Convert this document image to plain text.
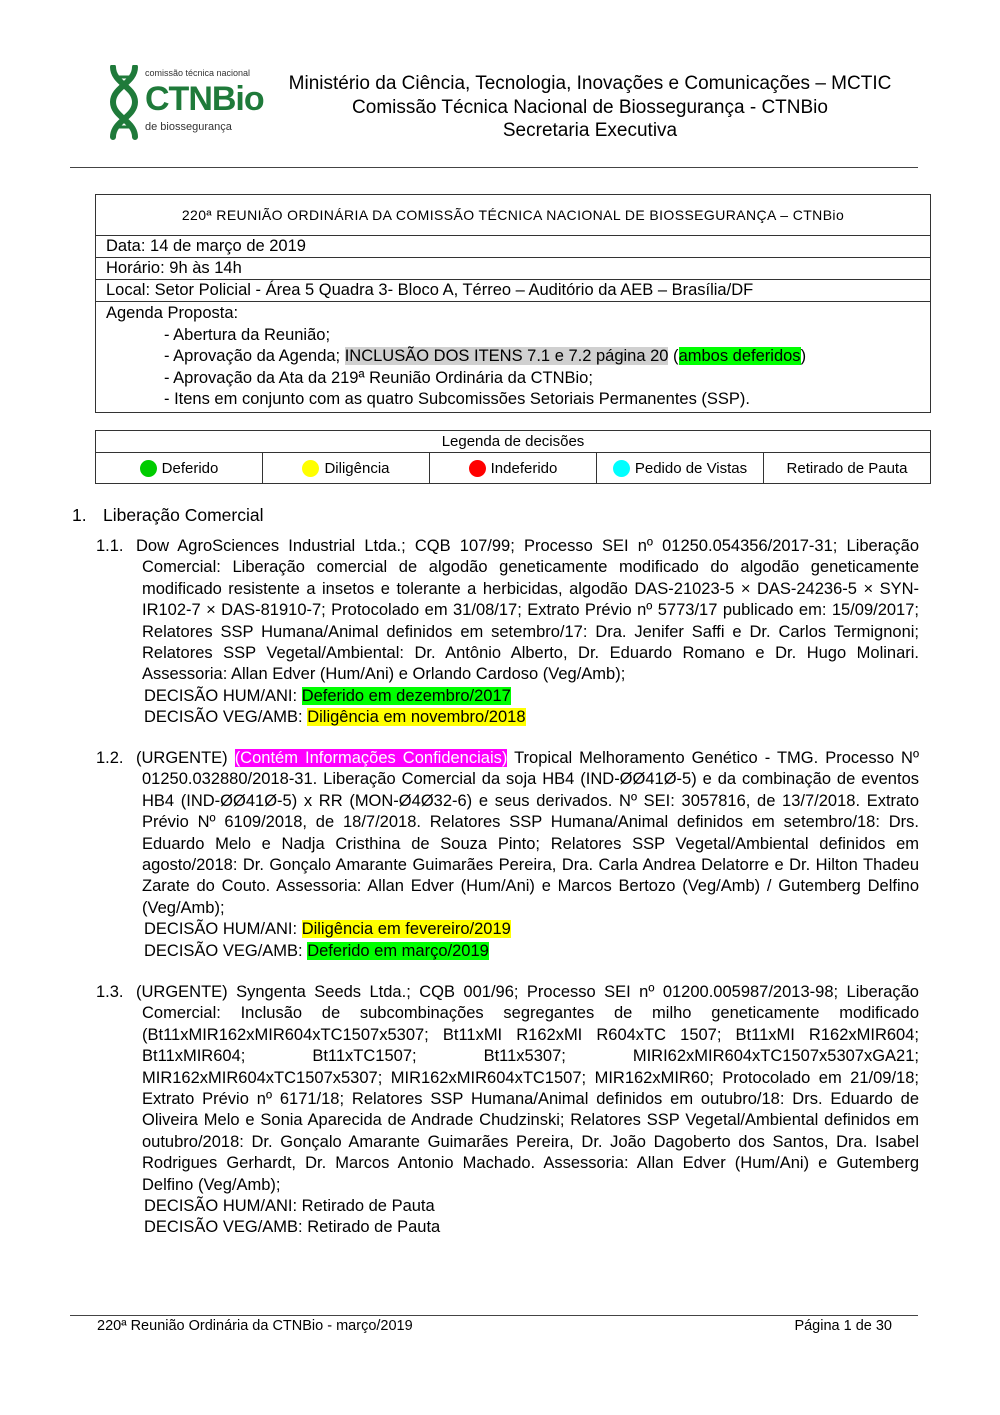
comissão técnica nacional
CTNBio
de biossegurança
Ministério da Ciência, Tecnologia, Inovações e Comunicações – MCTIC
Comissão Técnica Nacional de Biossegurança - CTNBio
Secretaria Executiva
220ª REUNIÃO ORDINÁRIA DA COMISSÃO TÉCNICA NACIONAL DE BIOSSEGURANÇA – CTNBio
Data: 14 de março de 2019
Horário: 9h às 14h
Local: Setor Policial - Área 5 Quadra 3- Bloco A, Térreo – Auditório da AEB – Brasília/DF
Agenda Proposta:
- Abertura da Reunião;
- Aprovação da Agenda; INCLUSÃO DOS ITENS 7.1 e 7.2 página 20 (ambos deferidos)
- Aprovação da Ata da 219ª Reunião Ordinária da CTNBio;
- Itens em conjunto com as quatro Subcomissões Setoriais Permanentes (SSP).
Legenda de decisões
Deferido	Diligência	Indeferido	Pedido de Vistas	Retirado de Pauta
1. Liberação Comercial
1.1. Dow AgroSciences Industrial Ltda.; CQB 107/99; Processo SEI nº 01250.054356/2017-31; Liberação Comercial: Liberação comercial de algodão geneticamente modificado do algodão geneticamente modificado resistente a insetos e tolerante a herbicidas, algodão DAS-21023-5 × DAS-24236-5 × SYN-IR102-7 × DAS-81910-7; Protocolado em 31/08/17; Extrato Prévio nº 5773/17 publicado em: 15/09/2017; Relatores SSP Humana/Animal definidos em setembro/17: Dra. Jenifer Saffi e Dr. Carlos Termignoni; Relatores SSP Vegetal/Ambiental: Dr. Antônio Alberto, Dr. Eduardo Romano e Dr. Hugo Molinari. Assessoria: Allan Edver (Hum/Ani) e Orlando Cardoso (Veg/Amb);
DECISÃO HUM/ANI: Deferido em dezembro/2017
DECISÃO VEG/AMB: Diligência em novembro/2018
1.2. (URGENTE) (Contém Informações Confidenciais) Tropical Melhoramento Genético - TMG. Processo Nº 01250.032880/2018-31. Liberação Comercial da soja HB4 (IND-ØØ41Ø-5) e da combinação de eventos HB4 (IND-ØØ41Ø-5) x RR (MON-Ø4Ø32-6) e seus derivados. Nº SEI: 3057816, de 13/7/2018. Extrato Prévio Nº 6109/2018, de 18/7/2018. Relatores SSP Humana/Animal definidos em setembro/18: Drs. Eduardo Melo e Nadja Cristhina de Souza Pinto; Relatores SSP Vegetal/Ambiental definidos em agosto/2018: Dr. Gonçalo Amarante Guimarães Pereira, Dra. Carla Andrea Delatorre e Dr. Hilton Thadeu Zarate do Couto. Assessoria: Allan Edver (Hum/Ani) e Marcos Bertozo (Veg/Amb) / Gutemberg Delfino (Veg/Amb);
DECISÃO HUM/ANI: Diligência em fevereiro/2019
DECISÃO VEG/AMB: Deferido em março/2019
1.3. (URGENTE) Syngenta Seeds Ltda.; CQB 001/96; Processo SEI nº 01200.005987/2013-98; Liberação Comercial: Inclusão de subcombinações segregantes de milho geneticamente modificado (Bt11xMIR162xMIR604xTC1507x5307; Bt11xMI R162xMI R604xTC 1507; Bt11xMI R162xMIR604; Bt11xMIR604; Bt11xTC1507; Bt11x5307; MIRI62xMIR604xTC1507x5307xGA21; MIR162xMIR604xTC1507x5307; MIR162xMIR604xTC1507; MIR162xMIR60; Protocolado em 21/09/18; Extrato Prévio nº 6171/18; Relatores SSP Humana/Animal definidos em outubro/18: Drs. Eduardo de Oliveira Melo e Sonia Aparecida de Andrade Chudzinski; Relatores SSP Vegetal/Ambiental definidos em outubro/2018: Dr. Gonçalo Amarante Guimarães Pereira, Dr. João Dagoberto dos Santos, Dra. Isabel Rodrigues Gerhardt, Dr. Marcos Antonio Machado. Assessoria: Allan Edver (Hum/Ani) e Gutemberg Delfino (Veg/Amb);
DECISÃO HUM/ANI: Retirado de Pauta
DECISÃO VEG/AMB: Retirado de Pauta
220ª Reunião Ordinária da CTNBio - março/2019	Página 1 de 30
